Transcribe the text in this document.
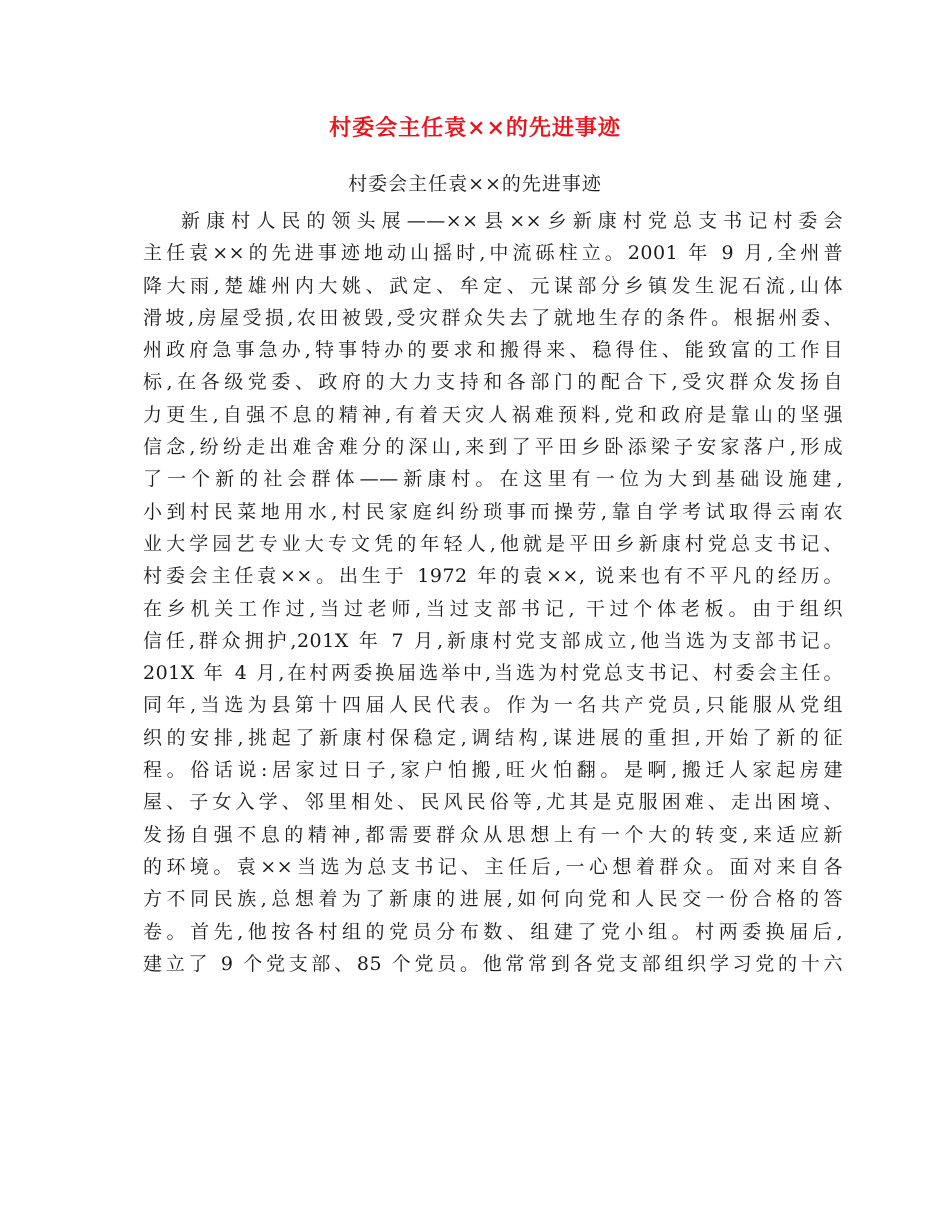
村委会主任袁××的先进事迹

村委会主任袁××的先进事迹

新康村人民的领头展——××县××乡新康村党总支书记村委会
主任袁××的先进事迹地动山摇时,中流砾柱立。2001 年 9 月,全州普
降大雨,楚雄州内大姚、武定、牟定、元谋部分乡镇发生泥石流,山体
滑坡,房屋受损,农田被毁,受灾群众失去了就地生存的条件。根据州委、
州政府急事急办,特事特办的要求和搬得来、稳得住、能致富的工作目
标,在各级党委、政府的大力支持和各部门的配合下,受灾群众发扬自
力更生,自强不息的精神,有着天灾人祸难预料,党和政府是靠山的坚强
信念,纷纷走出难舍难分的深山,来到了平田乡卧添梁子安家落户,形成
了一个新的社会群体——新康村。在这里有一位为大到基础设施建,
小到村民菜地用水,村民家庭纠纷琐事而操劳,靠自学考试取得云南农
业大学园艺专业大专文凭的年轻人,他就是平田乡新康村党总支书记、
村委会主任袁××。出生于 1972 年的袁××, 说来也有不平凡的经历。
在乡机关工作过,当过老师,当过支部书记, 干过个体老板。由于组织
信任,群众拥护,201X 年 7 月,新康村党支部成立,他当选为支部书记。
201X 年 4 月,在村两委换届选举中,当选为村党总支书记、村委会主任。
同年,当选为县第十四届人民代表。作为一名共产党员,只能服从党组
织的安排,挑起了新康村保稳定,调结构,谋进展的重担,开始了新的征
程。俗话说:居家过日子,家户怕搬,旺火怕翻。是啊,搬迁人家起房建
屋、子女入学、邻里相处、民风民俗等,尤其是克服困难、走出困境、
发扬自强不息的精神,都需要群众从思想上有一个大的转变,来适应新
的环境。袁××当选为总支书记、主任后,一心想着群众。面对来自各
方不同民族,总想着为了新康的进展,如何向党和人民交一份合格的答
卷。首先,他按各村组的党员分布数、组建了党小组。村两委换届后,
建立了 9 个党支部、85 个党员。他常常到各党支部组织学习党的十六
